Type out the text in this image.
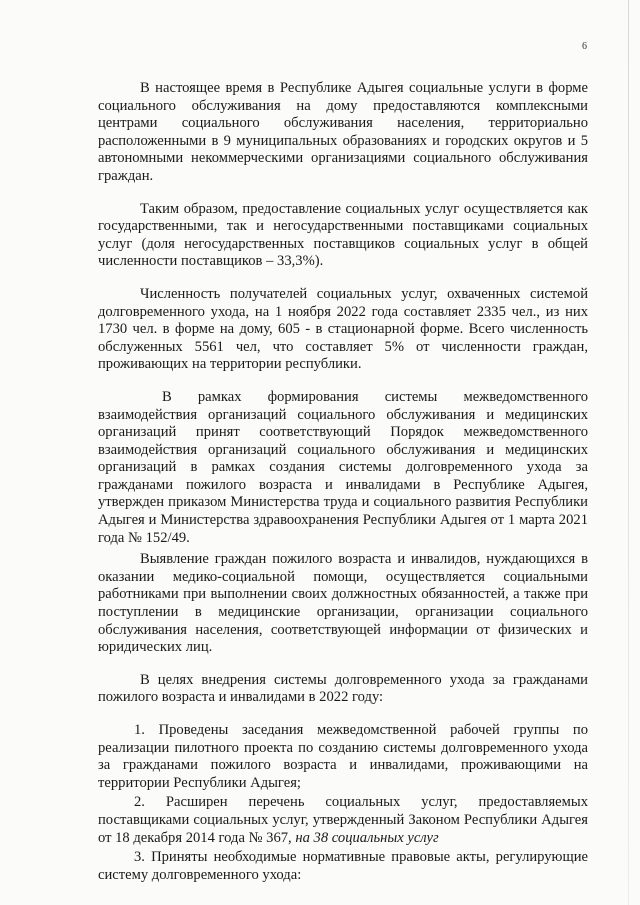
6

В настоящее время в Республике Адыгея социальные услуги в форме социального обслуживания на дому предоставляются комплексными центрами социального обслуживания населения, территориально расположенными в 9 муниципальных образованиях и городских округов и 5 автономными некоммерческими организациями социального обслуживания граждан.

Таким образом, предоставление социальных услуг осуществляется как государственными, так и негосударственными поставщиками социальных услуг (доля негосударственных поставщиков социальных услуг в общей численности поставщиков – 33,3%).

Численность получателей социальных услуг, охваченных системой долговременного ухода, на 1 ноября 2022 года составляет 2335 чел., из них 1730 чел. в форме на дому, 605 - в стационарной форме. Всего численность обслуженных 5561 чел, что составляет 5% от численности граждан, проживающих на территории республики.

В рамках формирования системы межведомственного взаимодействия организаций социального обслуживания и медицинских организаций принят соответствующий Порядок межведомственного взаимодействия организаций социального обслуживания и медицинских организаций в рамках создания системы долговременного ухода за гражданами пожилого возраста и инвалидами в Республике Адыгея, утвержден приказом Министерства труда и социального развития Республики Адыгея и Министерства здравоохранения Республики Адыгея от 1 марта 2021 года № 152/49.

Выявление граждан пожилого возраста и инвалидов, нуждающихся в оказании медико-социальной помощи, осуществляется социальными работниками при выполнении своих должностных обязанностей, а также при поступлении в медицинские организации, организации социального обслуживания населения, соответствующей информации от физических и юридических лиц.

В целях внедрения системы долговременного ухода за гражданами пожилого возраста и инвалидами в 2022 году:

1. Проведены заседания межведомственной рабочей группы по реализации пилотного проекта по созданию системы долговременного ухода за гражданами пожилого возраста и инвалидами, проживающими на территории Республики Адыгея;

2. Расширен перечень социальных услуг, предоставляемых поставщиками социальных услуг, утвержденный Законом Республики Адыгея от 18 декабря 2014 года № 367, на 38 социальных услуг

3. Приняты необходимые нормативные правовые акты, регулирующие систему долговременного ухода:
